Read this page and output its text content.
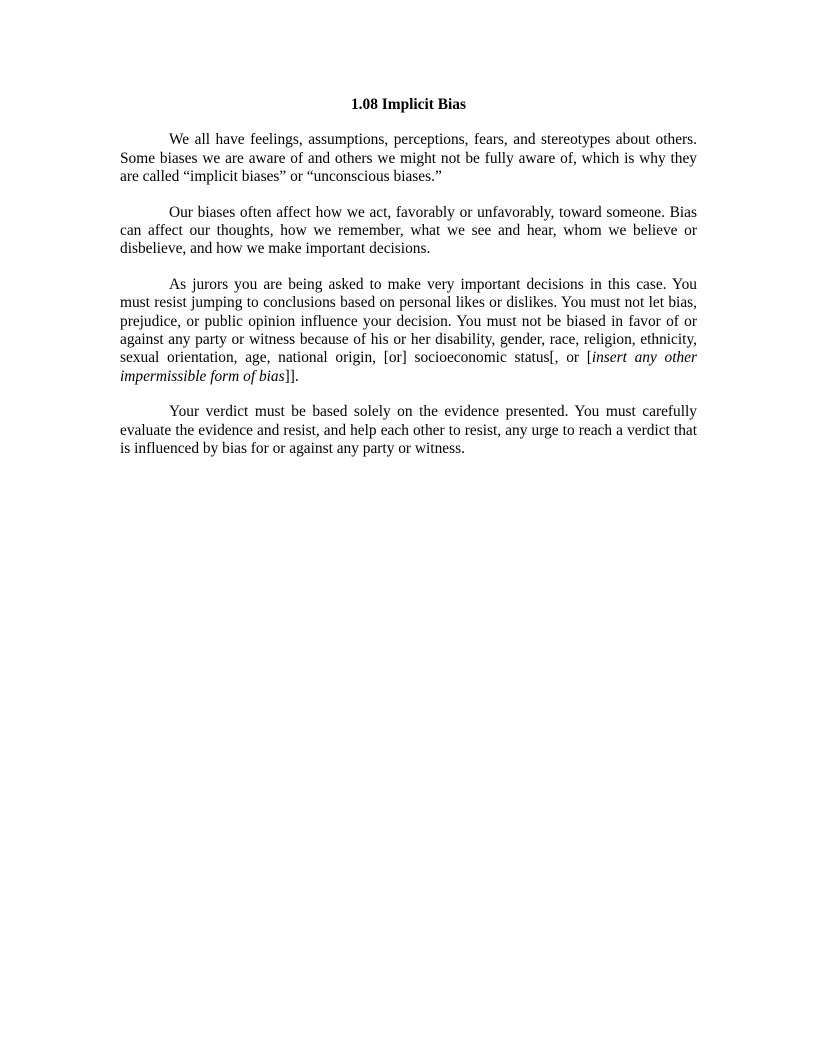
1.08 Implicit Bias

We all have feelings, assumptions, perceptions, fears, and stereotypes about others. Some biases we are aware of and others we might not be fully aware of, which is why they are called “implicit biases” or “unconscious biases.”

Our biases often affect how we act, favorably or unfavorably, toward someone. Bias can affect our thoughts, how we remember, what we see and hear, whom we believe or disbelieve, and how we make important decisions.

As jurors you are being asked to make very important decisions in this case. You must resist jumping to conclusions based on personal likes or dislikes. You must not let bias, prejudice, or public opinion influence your decision. You must not be biased in favor of or against any party or witness because of his or her disability, gender, race, religion, ethnicity, sexual orientation, age, national origin, [or] socioeconomic status[, or [insert any other impermissible form of bias]].

Your verdict must be based solely on the evidence presented. You must carefully evaluate the evidence and resist, and help each other to resist, any urge to reach a verdict that is influenced by bias for or against any party or witness.
